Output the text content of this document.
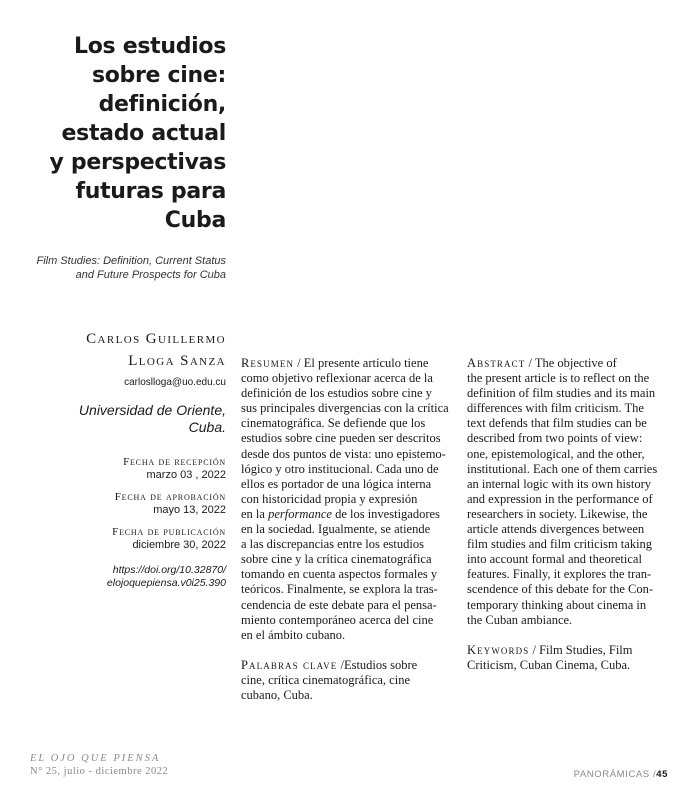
Los estudios
sobre cine:
definición,
estado actual
y perspectivas
futuras para
Cuba
Film Studies: Definition, Current Status
and Future Prospects for Cuba
Carlos Guillermo
Lloga Sanza
carloslloga@uo.edu.cu
Universidad de Oriente,
Cuba.
Fecha de recepción
marzo 03 , 2022
Fecha de aprobación
mayo 13, 2022
Fecha de publicación
diciembre 30, 2022
https://doi.org/10.32870/
elojoquepiensa.v0i25.390

Resumen / El presente artículo tiene
como objetivo reflexionar acerca de la
definición de los estudios sobre cine y
sus principales divergencias con la crítica
cinematográfica. Se defiende que los
estudios sobre cine pueden ser descritos
desde dos puntos de vista: uno epistemo-
lógico y otro institucional. Cada uno de
ellos es portador de una lógica interna
con historicidad propia y expresión
en la performance de los investigadores
en la sociedad. Igualmente, se atiende
a las discrepancias entre los estudios
sobre cine y la crítica cinematográfica
tomando en cuenta aspectos formales y
teóricos. Finalmente, se explora la tras-
cendencia de este debate para el pensa-
miento contemporáneo acerca del cine
en el ámbito cubano.

Palabras clave /Estudios sobre
cine, crítica cinematográfica, cine
cubano, Cuba.

Abstract / The objective of
the present article is to reflect on the
definition of film studies and its main
differences with film criticism. The
text defends that film studies can be
described from two points of view:
one, epistemological, and the other,
institutional. Each one of them carries
an internal logic with its own history
and expression in the performance of
researchers in society. Likewise, the
article attends divergences between
film studies and film criticism taking
into account formal and theoretical
features. Finally, it explores the tran-
scendence of this debate for the Con-
temporary thinking about cinema in
the Cuban ambiance.

Keywords / Film Studies, Film
Criticism, Cuban Cinema, Cuba.

EL OJO QUE PIENSA
N° 25, julio - diciembre 2022	PANORÁMICAS /45
